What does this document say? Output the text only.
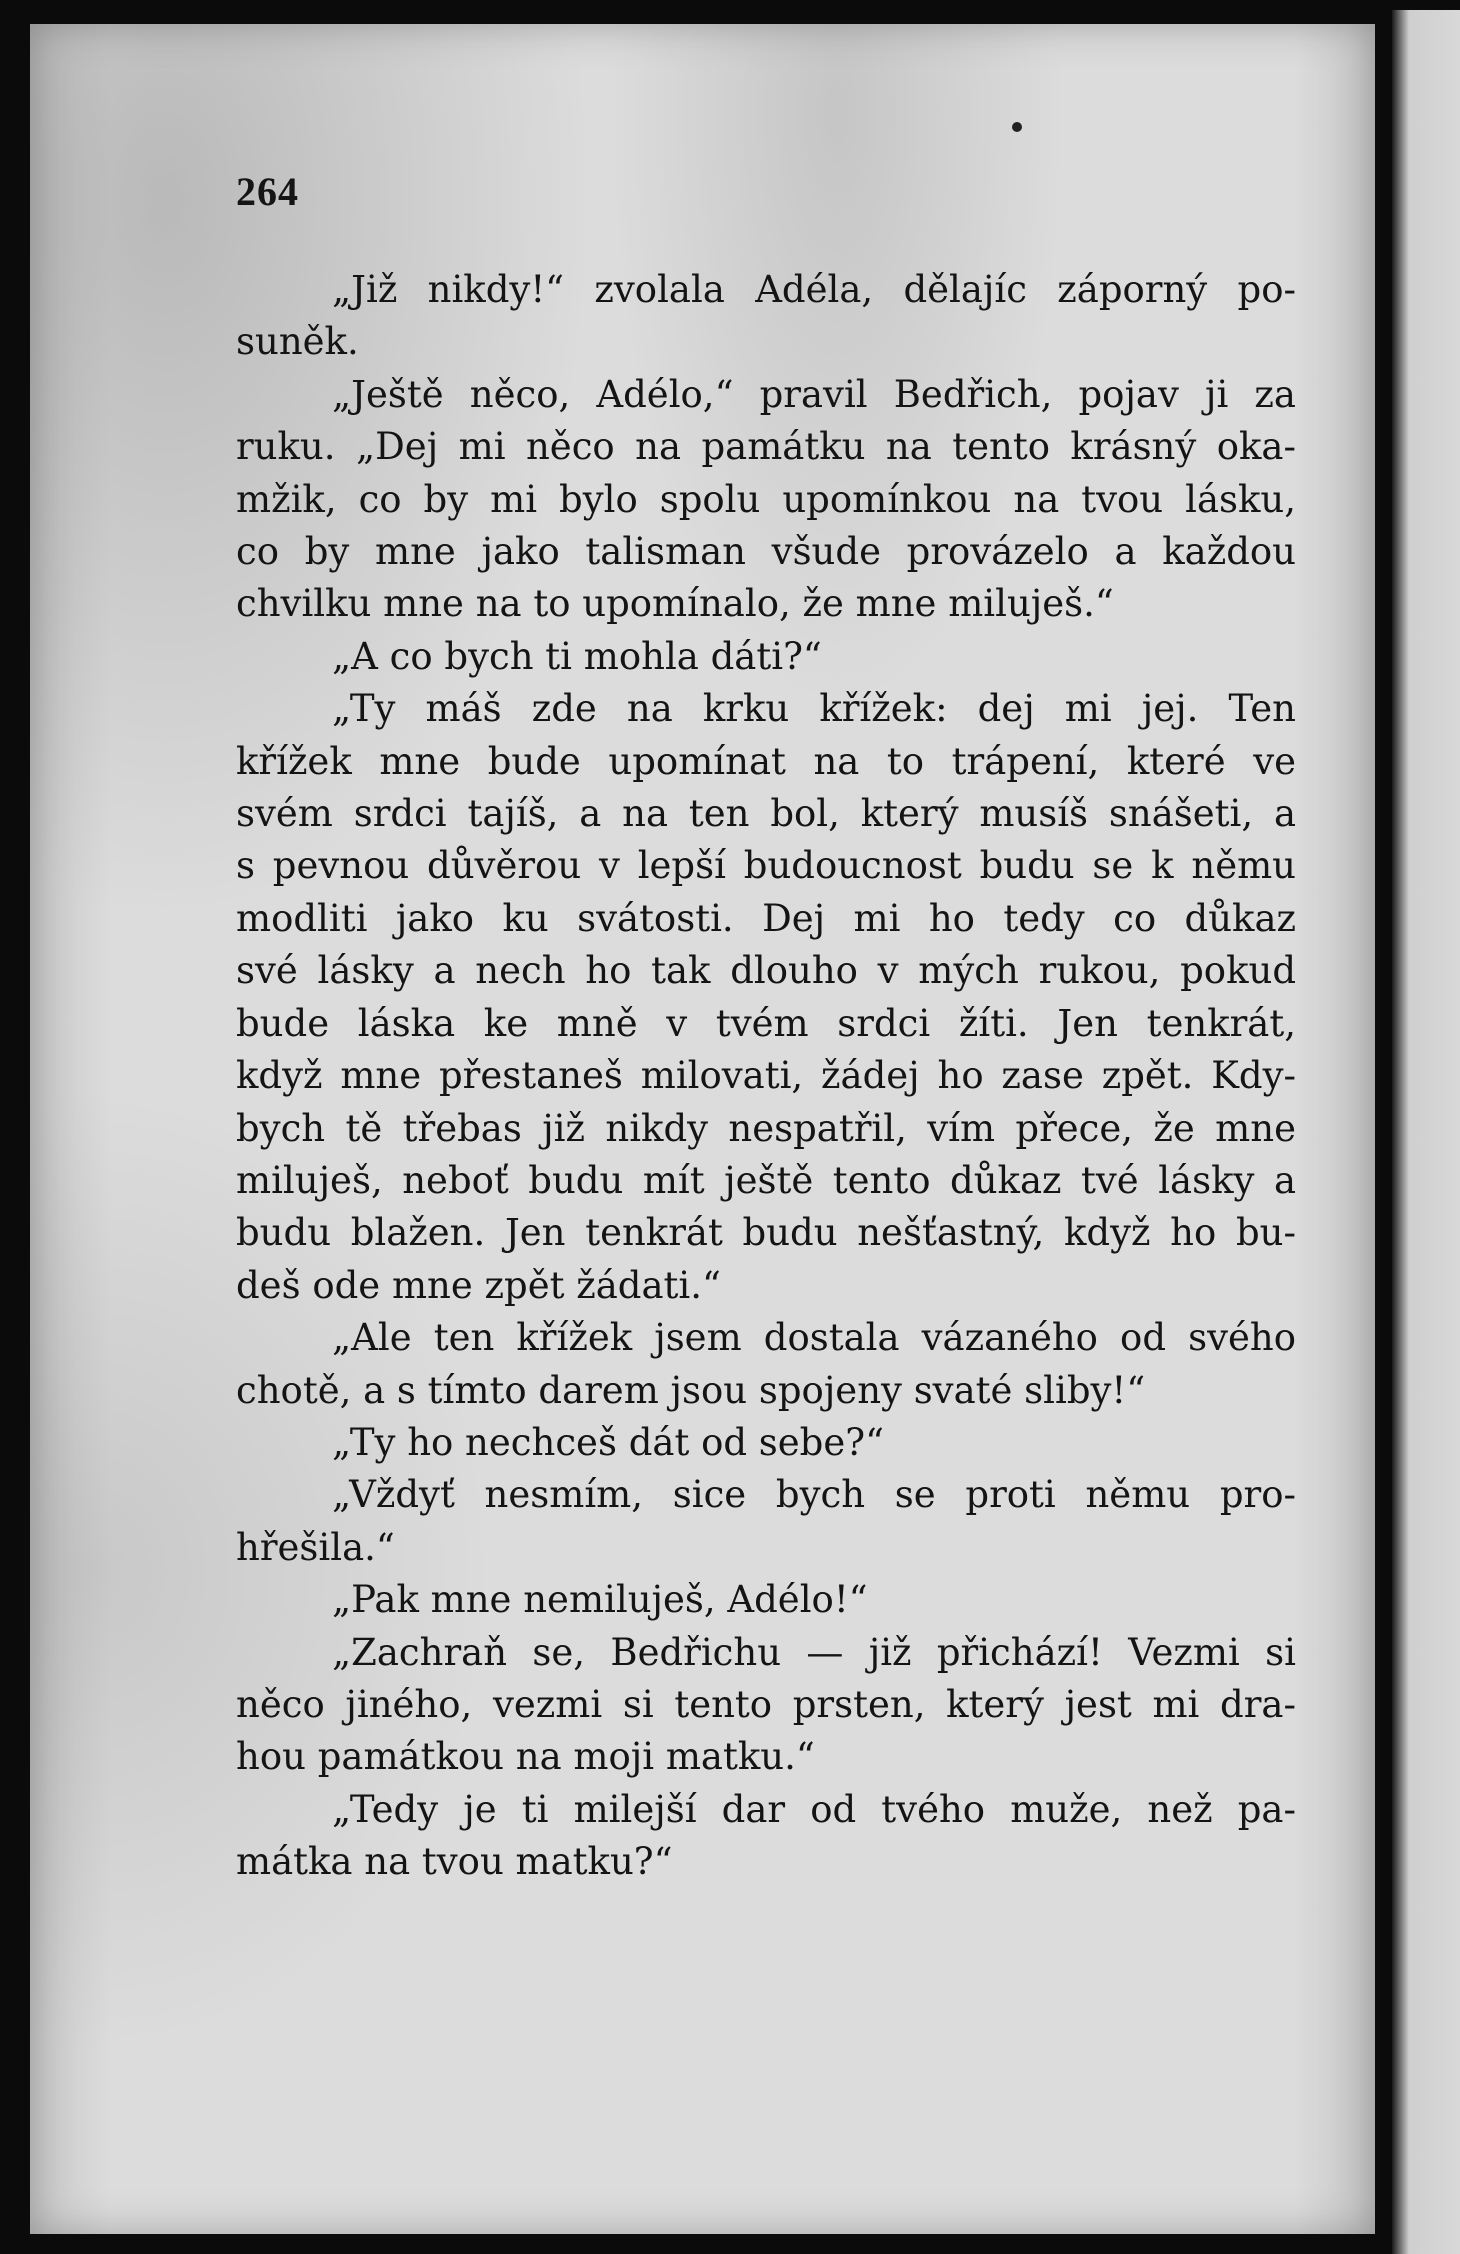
264
„Již nikdy!“ zvolala Adéla, dělajíc záporný po-
suněk.
„Ještě něco, Adélo,“ pravil Bedřich, pojav ji za
ruku. „Dej mi něco na památku na tento krásný oka-
mžik, co by mi bylo spolu upomínkou na tvou lásku,
co by mne jako talisman všude provázelo a každou
chvilku mne na to upomínalo, že mne miluješ.“
„A co bych ti mohla dáti?“
„Ty máš zde na krku křížek: dej mi jej. Ten
křížek mne bude upomínat na to trápení, které ve
svém srdci tajíš, a na ten bol, který musíš snášeti, a
s pevnou důvěrou v lepší budoucnost budu se k němu
modliti jako ku svátosti. Dej mi ho tedy co důkaz
své lásky a nech ho tak dlouho v mých rukou, pokud
bude láska ke mně v tvém srdci žíti. Jen tenkrát,
když mne přestaneš milovati, žádej ho zase zpět. Kdy-
bych tě třebas již nikdy nespatřil, vím přece, že mne
miluješ, neboť budu mít ještě tento důkaz tvé lásky a
budu blažen. Jen tenkrát budu nešťastný, když ho bu-
deš ode mne zpět žádati.“
„Ale ten křížek jsem dostala vázaného od svého
chotě, a s tímto darem jsou spojeny svaté sliby!“
„Ty ho nechceš dát od sebe?“
„Vždyť nesmím, sice bych se proti němu pro-
hřešila.“
„Pak mne nemiluješ, Adélo!“
„Zachraň se, Bedřichu — již přichází! Vezmi si
něco jiného, vezmi si tento prsten, který jest mi dra-
hou památkou na moji matku.“
„Tedy je ti milejší dar od tvého muže, než pa-
mátka na tvou matku?“
